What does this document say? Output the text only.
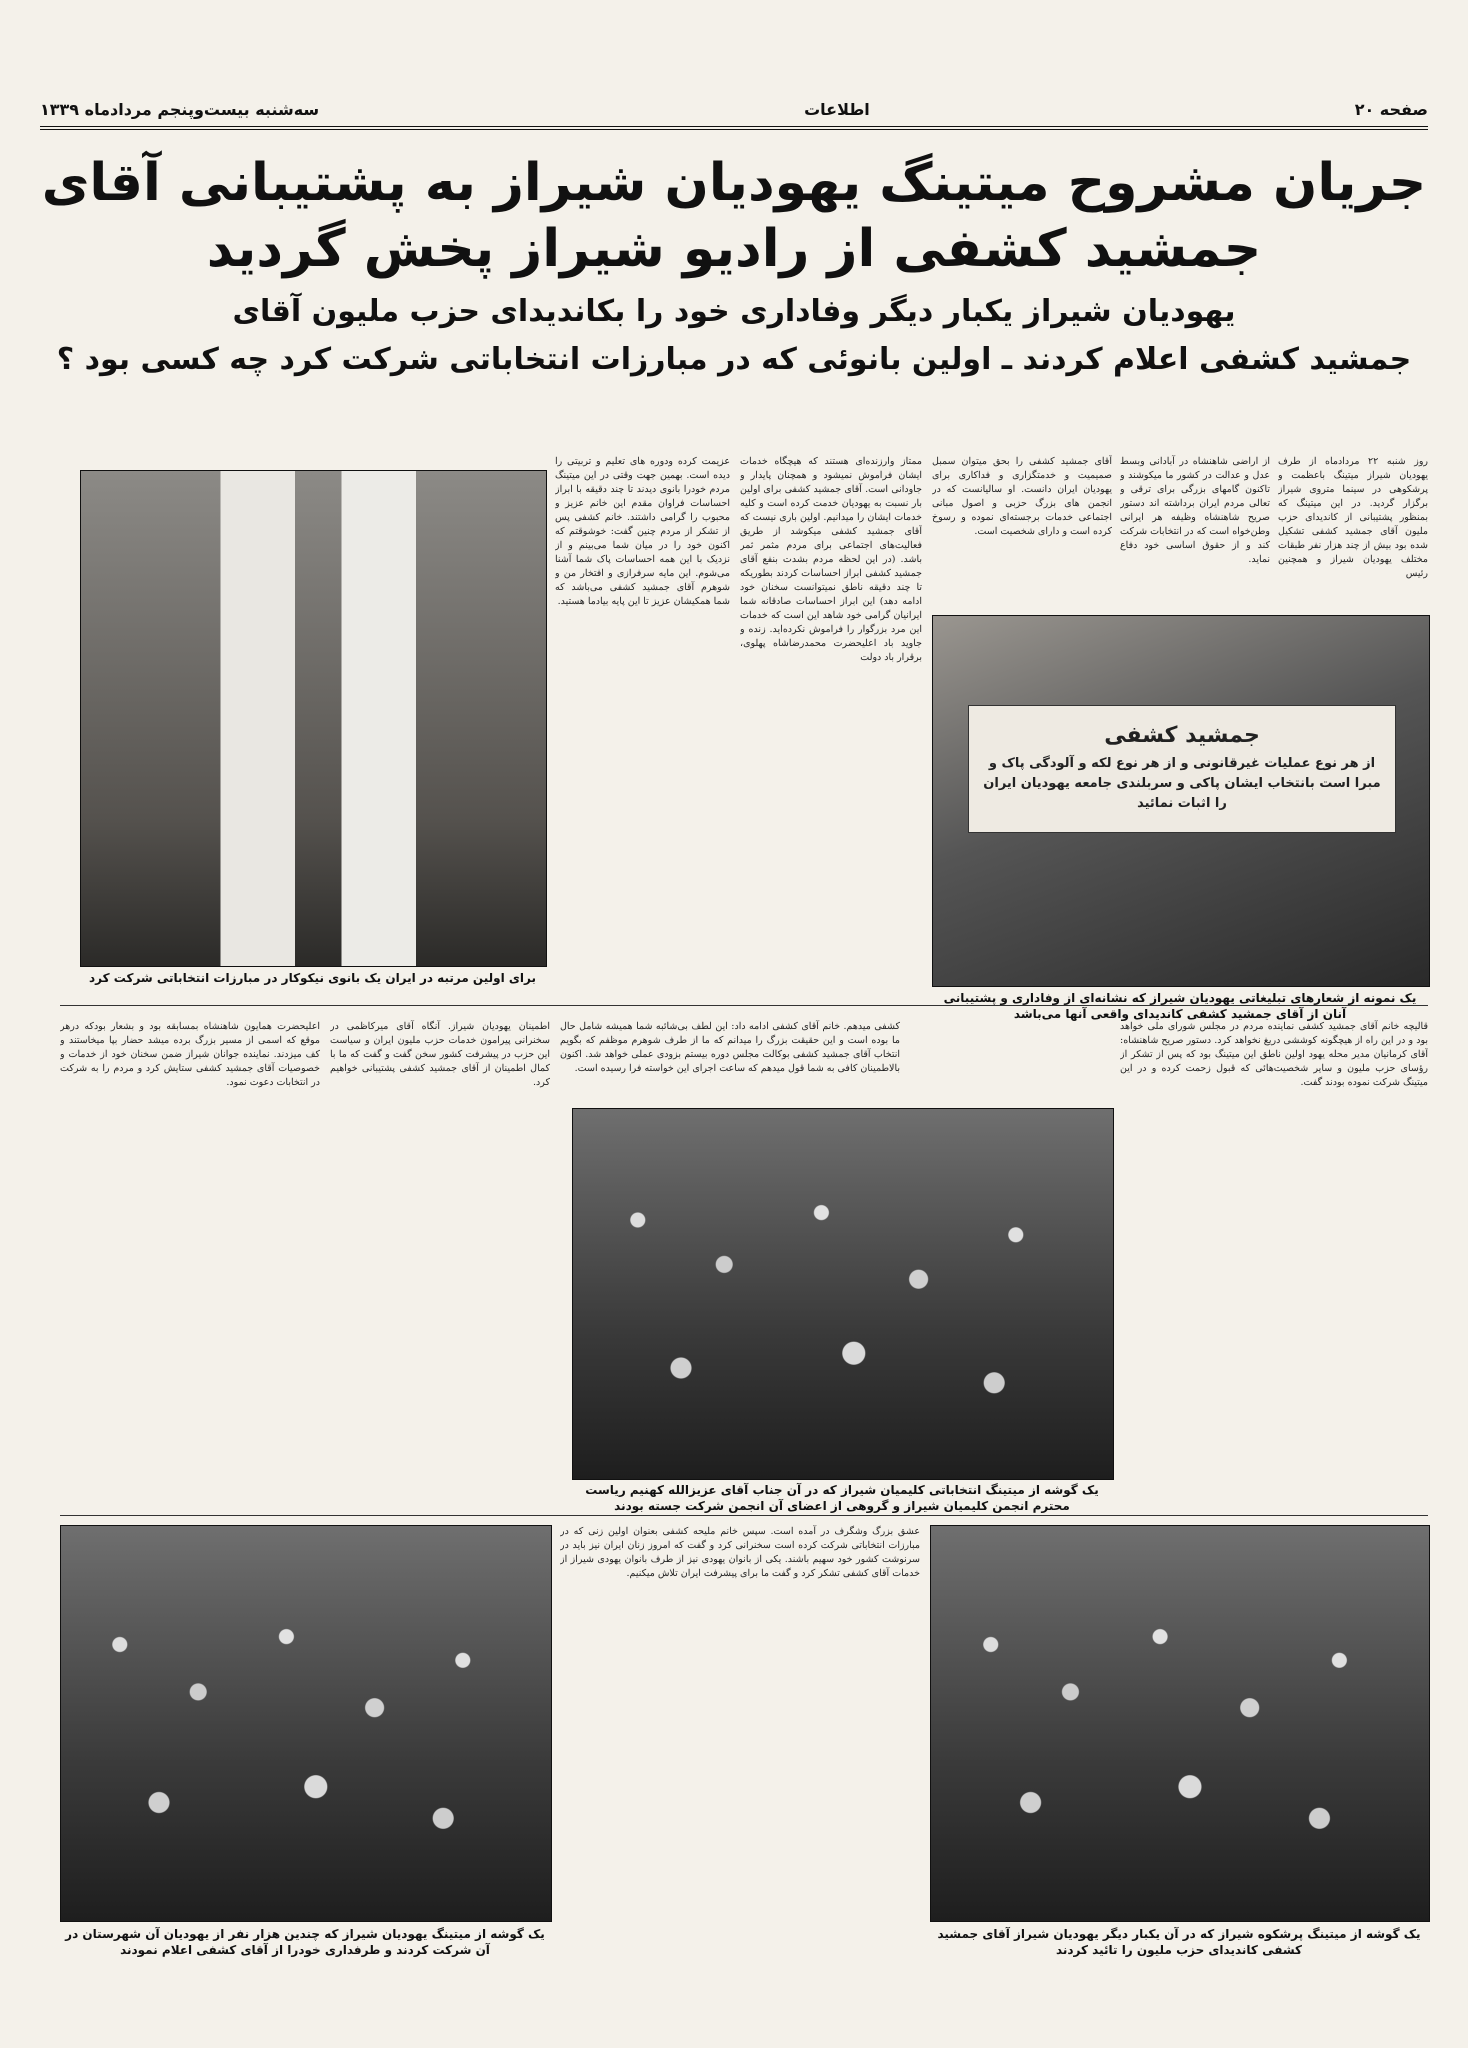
صفحه ۲۰
اطلاعات
سه‌شنبه بیست‌وپنجم مردادماه ۱۳۳۹
جریان مشروح میتینگ یهودیان شیراز به پشتیبانی آقای
جمشید کشفی از رادیو شیراز پخش گردید
یهودیان شیراز یکبار دیگر وفاداری خود را بکاندیدای حزب ملیون آقای
جمشید کشفی اعلام کردند ـ اولین بانوئی که در مبارزات انتخاباتی شرکت کرد چه کسی بود ؟

روز شنبه ۲۲ مردادماه از طرف یهودیان شیراز میتینگ باعظمت و پرشکوهی در سینما متروی شیراز برگزار گردید. در این میتینگ که بمنظور پشتیبانی از کاندیدای حزب ملیون آقای جمشید کشفی تشکیل شده بود بیش از چند هزار نفر طبقات مختلف یهودیان شیراز و همچنین رئیس

از اراضی شاهنشاه در آبادانی وبسط عدل و عدالت در کشور ما میکوشند و تاکنون گامهای بزرگی برای ترقی و تعالی مردم ایران برداشته اند دستور صریح شاهنشاه وظیفه هر ایرانی وطن‌خواه است که در انتخابات شرکت کند و از حقوق اساسی خود دفاع نماید.

آقای جمشید کشفی را بحق میتوان سمبل صمیمیت و خدمتگزاری و فداکاری برای یهودیان ایران دانست. او سالیانست که در انجمن های بزرگ حزبی و اصول مبانی اجتماعی خدمات برجسته‌ای نموده و رسوخ کرده است و دارای شخصیت است.

جمشید کشفی
از هر نوع عملیات غیرقانونی و از هر نوع لکه و آلودگی پاک و مبرا است بانتخاب ایشان پاکی و سربلندی جامعه یهودیان ایران را اثبات نمائید
یک نمونه از شعارهای تبلیغاتی یهودیان شیراز که نشانه‌ای از وفاداری و پشتیبانی آنان از آقای جمشید کشفی کاندیدای واقعی آنها می‌باشد

ممتاز وارزنده‌ای هستند که هیچگاه خدمات ایشان فراموش نمیشود و همچنان پایدار و جاودانی است. آقای جمشید کشفی برای اولین بار نسبت به یهودیان خدمت کرده است و کلیه خدمات ایشان را میدانیم. اولین باری نیست که آقای جمشید کشفی میکوشد از طریق فعالیت‌های اجتماعی برای مردم مثمر ثمر باشد. (در این لحظه مردم بشدت بنفع آقای جمشید کشفی ابراز احساسات کردند بطوریکه تا چند دقیقه ناطق نمیتوانست سخنان خود ادامه دهد) این ابراز احساسات صادقانه شما ایرانیان گرامی خود شاهد این است که خدمات این مرد بزرگوار را فراموش نکرده‌اید. زنده و جاوید باد اعلیحضرت محمدرضاشاه پهلوی، برقرار باد دولت

عزیمت کرده ودوره های تعلیم و تربیتی را دیده است. بهمین جهت وقتی در این میتینگ مردم خودرا بانوی دیدند تا چند دقیقه با ابراز احساسات فراوان مقدم این خانم عزیز و محبوب را گرامی داشتند. خانم کشفی پس از تشکر از مردم چنین گفت: خوشوقتم که اکنون خود را در میان شما می‌بینم و از نزدیک با این همه احساسات پاک شما آشنا می‌شوم. این مایه سرفرازی و افتخار من و شوهرم آقای جمشید کشفی می‌باشد که شما همکیشان عزیز تا این پایه بیادما هستید.

برای اولین مرتبه در ایران یک بانوی نیکوکار در مبارزات انتخاباتی شرکت کرد

قالیچه خانم آقای جمشید کشفی نماینده مردم در مجلس شورای ملی خواهد بود و در این راه از هیچگونه کوششی دریغ نخواهد کرد. دستور صریح شاهنشاه: آقای کرمانیان مدیر محله یهود اولین ناطق این میتینگ بود که پس از تشکر از رؤسای حزب ملیون و سایر شخصیت‌هائی که قبول زحمت کرده و در این میتینگ شرکت نموده بودند گفت.

کشفی میدهم. خانم آقای کشفی ادامه داد: این لطف بی‌شائبه شما همیشه شامل حال ما بوده است و این حقیقت بزرگ را میدانم که ما از طرف شوهرم موظفم که بگویم انتخاب آقای جمشید کشفی بوکالت مجلس دوره بیستم بزودی عملی خواهد شد. اکنون بالاطمینان کافی به شما قول میدهم که ساعت اجرای این خواسته فرا رسیده است.

اطمینان یهودیان شیراز. آنگاه آقای میرکاظمی در سخنرانی پیرامون خدمات حزب ملیون ایران و سیاست این حزب در پیشرفت کشور سخن گفت و گفت که ما با کمال اطمینان از آقای جمشید کشفی پشتیبانی خواهیم کرد.

اعلیحضرت همایون شاهنشاه بمسابقه بود و بشعار بودکه درهر موقع که اسمی از مسیر بزرگ برده میشد حضار بپا میخاستند و کف میزدند. نماینده جوانان شیراز ضمن سخنان خود از خدمات و خصوصیات آقای جمشید کشفی ستایش کرد و مردم را به شرکت در انتخابات دعوت نمود.

یک گوشه از میتینگ انتخاباتی کلیمیان شیراز که در آن جناب آقای عزیزالله کهنیم ریاست محترم انجمن کلیمیان شیراز و گروهی از اعضای آن انجمن شرکت جسته بودند
یک گوشه از میتینگ پرشکوه شیراز که در آن یکبار دیگر یهودیان شیراز آقای جمشید کشفی کاندیدای حزب ملیون را تائید کردند

عشق بزرگ وشگرف در آمده است. سپس خانم ملیحه کشفی بعنوان اولین زنی که در مبارزات انتخاباتی شرکت کرده است سخنرانی کرد و گفت که امروز زنان ایران نیز باید در سرنوشت کشور خود سهیم باشند. یکی از بانوان یهودی نیز از طرف بانوان یهودی شیراز از خدمات آقای کشفی تشکر کرد و گفت ما برای پیشرفت ایران تلاش میکنیم.

یک گوشه از میتینگ یهودیان شیراز که چندین هزار نفر از یهودیان آن شهرستان در آن شرکت کردند و طرفداری خودرا از آقای کشفی اعلام نمودند
